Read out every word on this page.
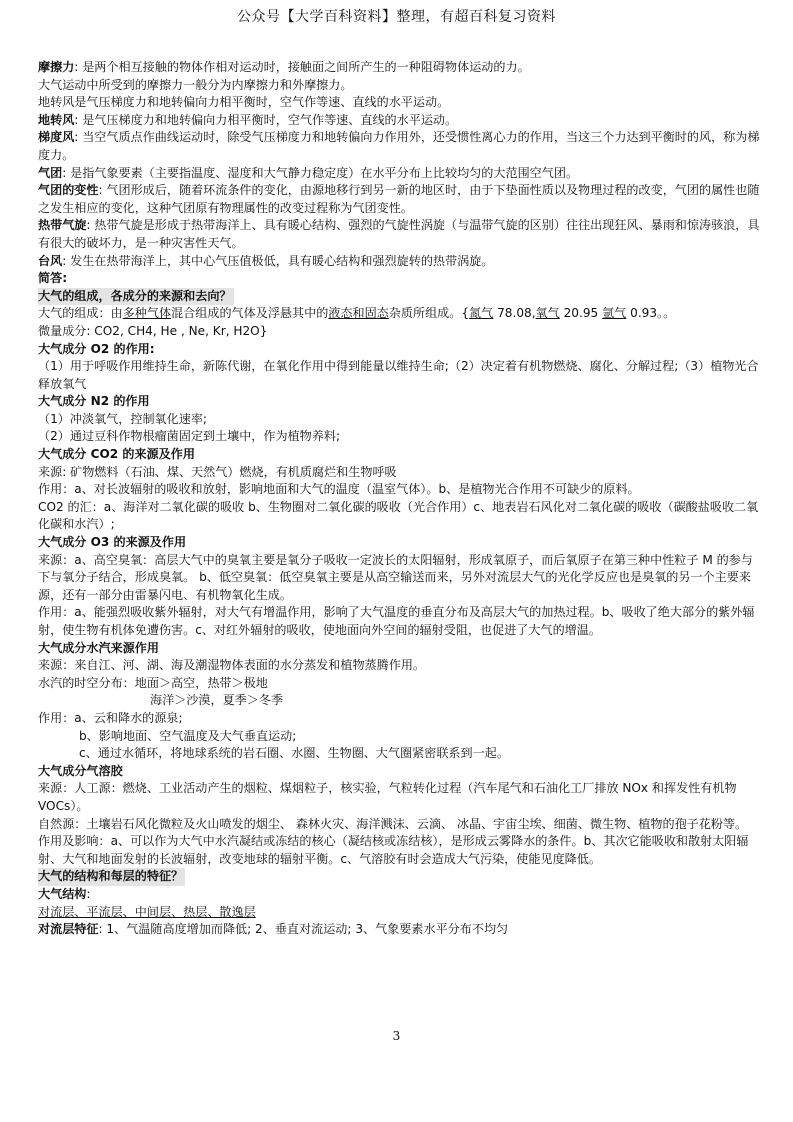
公众号【大学百科资料】整理，有超百科复习资料

摩擦力: 是两个相互接触的物体作相对运动时，接触面之间所产生的一种阻碍物体运动的力。

大气运动中所受到的摩擦力一般分为内摩擦力和外摩擦力。

地转风是气压梯度力和地转偏向力相平衡时，空气作等速、直线的水平运动。

地转风: 是气压梯度力和地转偏向力相平衡时，空气作等速、直线的水平运动。

梯度风: 当空气质点作曲线运动时，除受气压梯度力和地转偏向力作用外，还受惯性离心力的作用，当这三个力达到平衡时的风，称为梯度力。

气团: 是指气象要素（主要指温度、湿度和大气静力稳定度）在水平分布上比较均匀的大范围空气团。

气团的变性: 气团形成后，随着环流条件的变化，由源地移行到另一新的地区时，由于下垫面性质以及物理过程的改变，气团的属性也随之发生相应的变化，这种气团原有物理属性的改变过程称为气团变性。

热带气旋: 热带气旋是形成于热带海洋上、具有暖心结构、强烈的气旋性涡旋（与温带气旋的区别）往往出现狂风、暴雨和惊涛骇浪，具有很大的破坏力，是一种灾害性天气。

台风: 发生在热带海洋上，其中心气压值极低，具有暖心结构和强烈旋转的热带涡旋。

简答:

大气的组成，各成分的来源和去向？

大气的组成：由多种气体混合组成的气体及浮悬其中的液态和固态杂质所组成。{氮气 78.08,氧气 20.95 氩气 0.93。。

微量成分: CO2, CH4, He , Ne, Kr, H2O}

大气成分 O2 的作用:

（1）用于呼吸作用维持生命，新陈代谢，在氧化作用中得到能量以维持生命;（2）决定着有机物燃烧、腐化、分解过程;（3）植物光合释放氧气

大气成分 N2 的作用

（1）冲淡氧气，控制氧化速率;

（2）通过豆科作物根瘤菌固定到土壤中，作为植物养料;

大气成分 CO2 的来源及作用

来源: 矿物燃料（石油、煤、天然气）燃烧，有机质腐烂和生物呼吸

作用：a、对长波辐射的吸收和放射，影响地面和大气的温度（温室气体）。b、是植物光合作用不可缺少的原料。

CO2 的汇：a、海洋对二氧化碳的吸收 b、生物圈对二氧化碳的吸收（光合作用）c、地表岩石风化对二氧化碳的吸收（碳酸盐吸收二氧化碳和水汽）;

大气成分 O3 的来源及作用

来源：a、高空臭氧：高层大气中的臭氧主要是氧分子吸收一定波长的太阳辐射，形成氧原子，而后氧原子在第三种中性粒子 M 的参与下与氧分子结合，形成臭氧。 b、低空臭氧：低空臭氧主要是从高空输送而来，另外对流层大气的光化学反应也是臭氧的另一个主要来源，还有一部分由雷暴闪电、有机物氧化生成。

作用：a、能强烈吸收紫外辐射，对大气有增温作用，影响了大气温度的垂直分布及高层大气的加热过程。b、吸收了绝大部分的紫外辐射，使生物有机体免遭伤害。c、对红外辐射的吸收，使地面向外空间的辐射受阻，也促进了大气的增温。

大气成分水汽来源作用

来源：来自江、河、湖、海及潮湿物体表面的水分蒸发和植物蒸腾作用。

水汽的时空分布：地面＞高空，热带＞极地

海洋＞沙漠，夏季＞冬季

作用：a、云和降水的源泉;

b、影响地面、空气温度及大气垂直运动;

c、通过水循环，将地球系统的岩石圈、水圈、生物圈、大气圈紧密联系到一起。

大气成分气溶胶

来源：人工源：燃烧、工业活动产生的烟粒、煤烟粒子，核实验，气粒转化过程（汽车尾气和石油化工厂排放 NOx 和挥发性有机物 VOCs）。

自然源：土壤岩石风化微粒及火山喷发的烟尘、 森林火灾、海洋溅沫、云滴、 冰晶、宇宙尘埃、细菌、微生物、植物的孢子花粉等。

作用及影响：a、可以作为大气中水汽凝结或冻结的核心（凝结核或冻结核），是形成云雾降水的条件。b、其次它能吸收和散射太阳辐射、大气和地面发射的长波辐射，改变地球的辐射平衡。c、气溶胶有时会造成大气污染，使能见度降低。

大气的结构和每层的特征？

大气结构:

对流层、平流层、中间层、热层、散逸层

对流层特征: 1、气温随高度增加而降低; 2、垂直对流运动; 3、气象要素水平分布不均匀

3
